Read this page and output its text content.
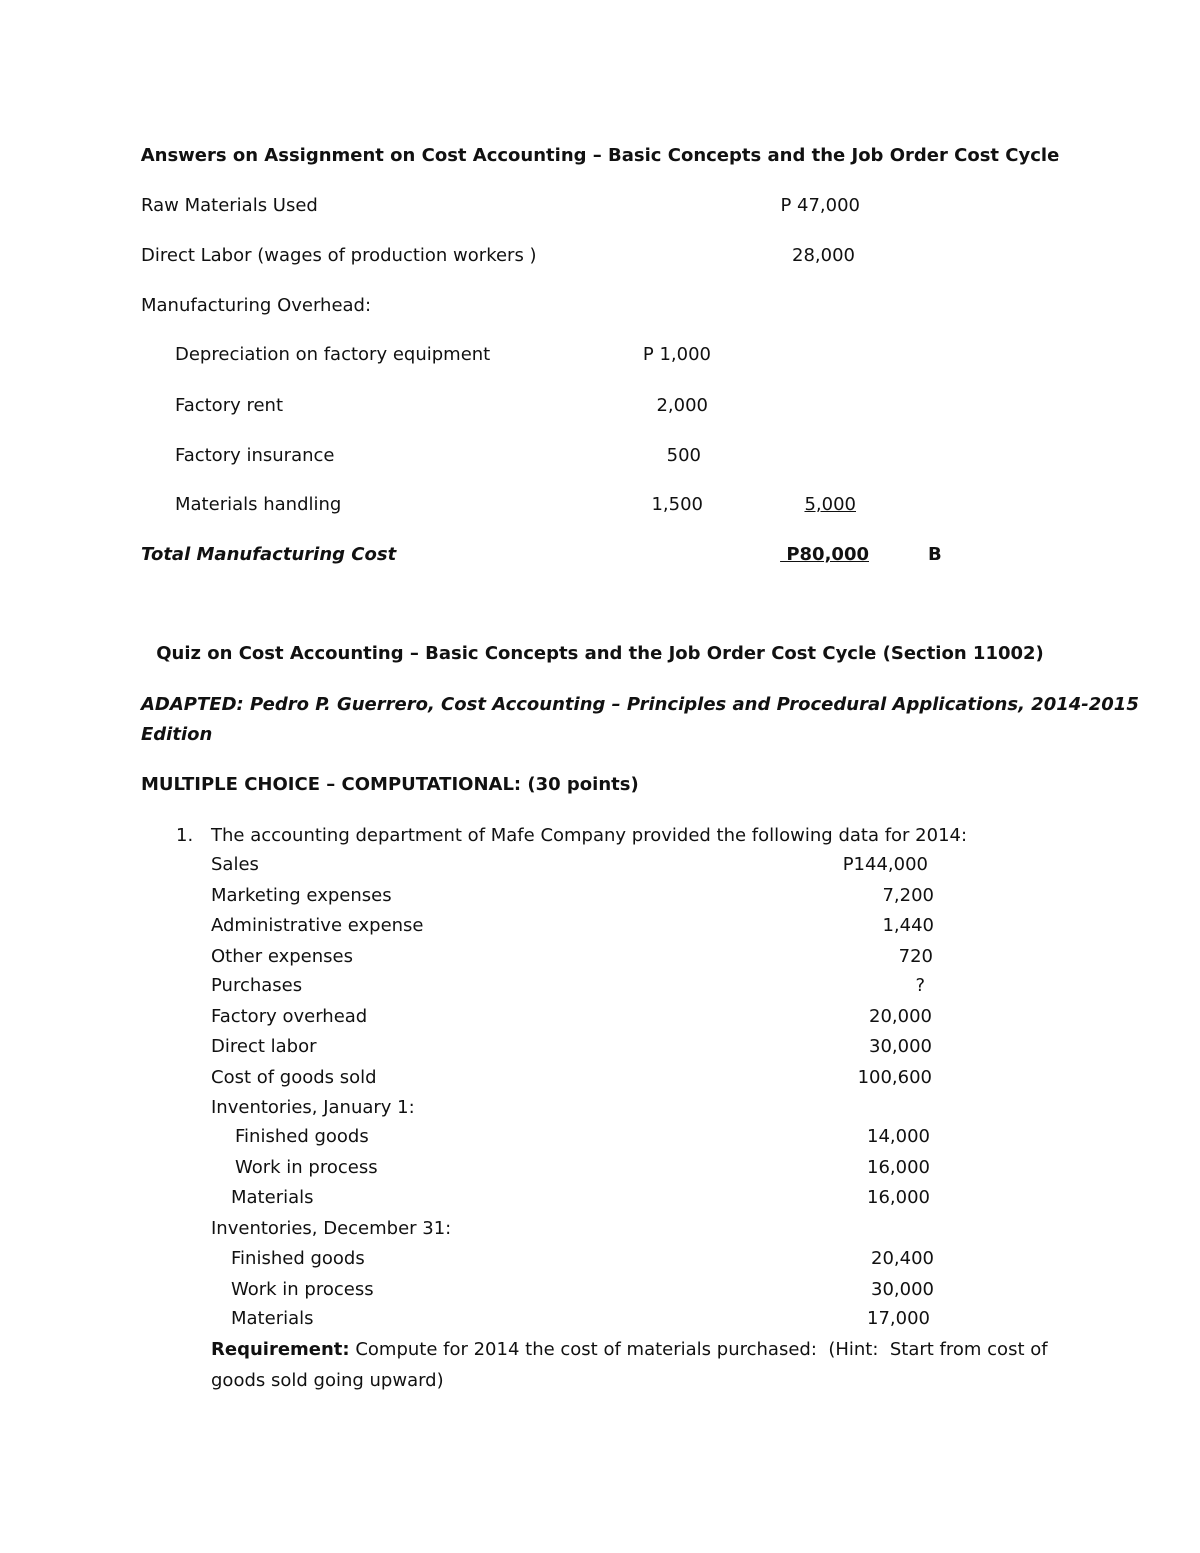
Answers on Assignment on Cost Accounting – Basic Concepts and the Job Order Cost Cycle
Raw Materials Used	P 47,000
Direct Labor (wages of production workers )	28,000
Manufacturing Overhead:
Depreciation on factory equipment	P 1,000
Factory rent	2,000
Factory insurance	500
Materials handling	1,500	5,000
Total Manufacturing Cost	P80,000	B
Quiz on Cost Accounting – Basic Concepts and the Job Order Cost Cycle (Section 11002)
ADAPTED: Pedro P. Guerrero, Cost Accounting – Principles and Procedural Applications, 2014-2015
Edition
MULTIPLE CHOICE – COMPUTATIONAL: (30 points)
1. The accounting department of Mafe Company provided the following data for 2014:
Sales	P144,000
Marketing expenses	7,200
Administrative expense	1,440
Other expenses	720
Purchases	?
Factory overhead	20,000
Direct labor	30,000
Cost of goods sold	100,600
Inventories, January 1:
Finished goods	14,000
Work in process	16,000
Materials	16,000
Inventories, December 31:
Finished goods	20,400
Work in process	30,000
Materials	17,000
Requirement: Compute for 2014 the cost of materials purchased:  (Hint:  Start from cost of
goods sold going upward)
